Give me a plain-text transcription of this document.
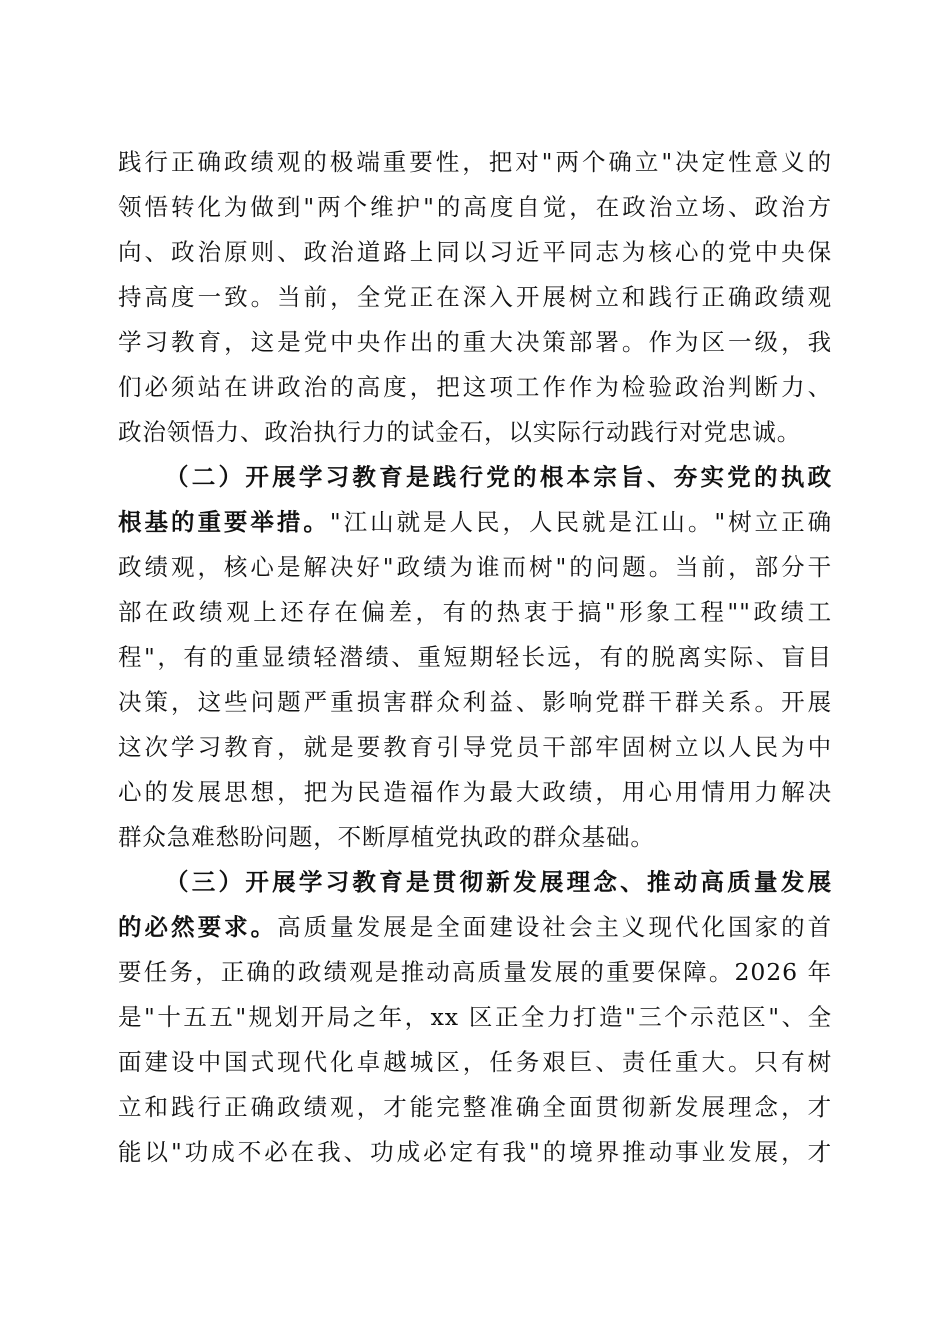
践行正确政绩观的极端重要性，把对"两个确立"决定性意义的
领悟转化为做到"两个维护"的高度自觉，在政治立场、政治方
向、政治原则、政治道路上同以习近平同志为核心的党中央保
持高度一致。当前，全党正在深入开展树立和践行正确政绩观
学习教育，这是党中央作出的重大决策部署。作为区一级，我
们必须站在讲政治的高度，把这项工作作为检验政治判断力、
政治领悟力、政治执行力的试金石，以实际行动践行对党忠诚。
（二）开展学习教育是践行党的根本宗旨、夯实党的执政
根基的重要举措。"江山就是人民，人民就是江山。"树立正确
政绩观，核心是解决好"政绩为谁而树"的问题。当前，部分干
部在政绩观上还存在偏差，有的热衷于搞"形象工程""政绩工
程"，有的重显绩轻潜绩、重短期轻长远，有的脱离实际、盲目
决策，这些问题严重损害群众利益、影响党群干群关系。开展
这次学习教育，就是要教育引导党员干部牢固树立以人民为中
心的发展思想，把为民造福作为最大政绩，用心用情用力解决
群众急难愁盼问题，不断厚植党执政的群众基础。
（三）开展学习教育是贯彻新发展理念、推动高质量发展
的必然要求。高质量发展是全面建设社会主义现代化国家的首
要任务，正确的政绩观是推动高质量发展的重要保障。2026 年
是"十五五"规划开局之年，xx 区正全力打造"三个示范区"、全
面建设中国式现代化卓越城区，任务艰巨、责任重大。只有树
立和践行正确政绩观，才能完整准确全面贯彻新发展理念，才
能以"功成不必在我、功成必定有我"的境界推动事业发展，才
